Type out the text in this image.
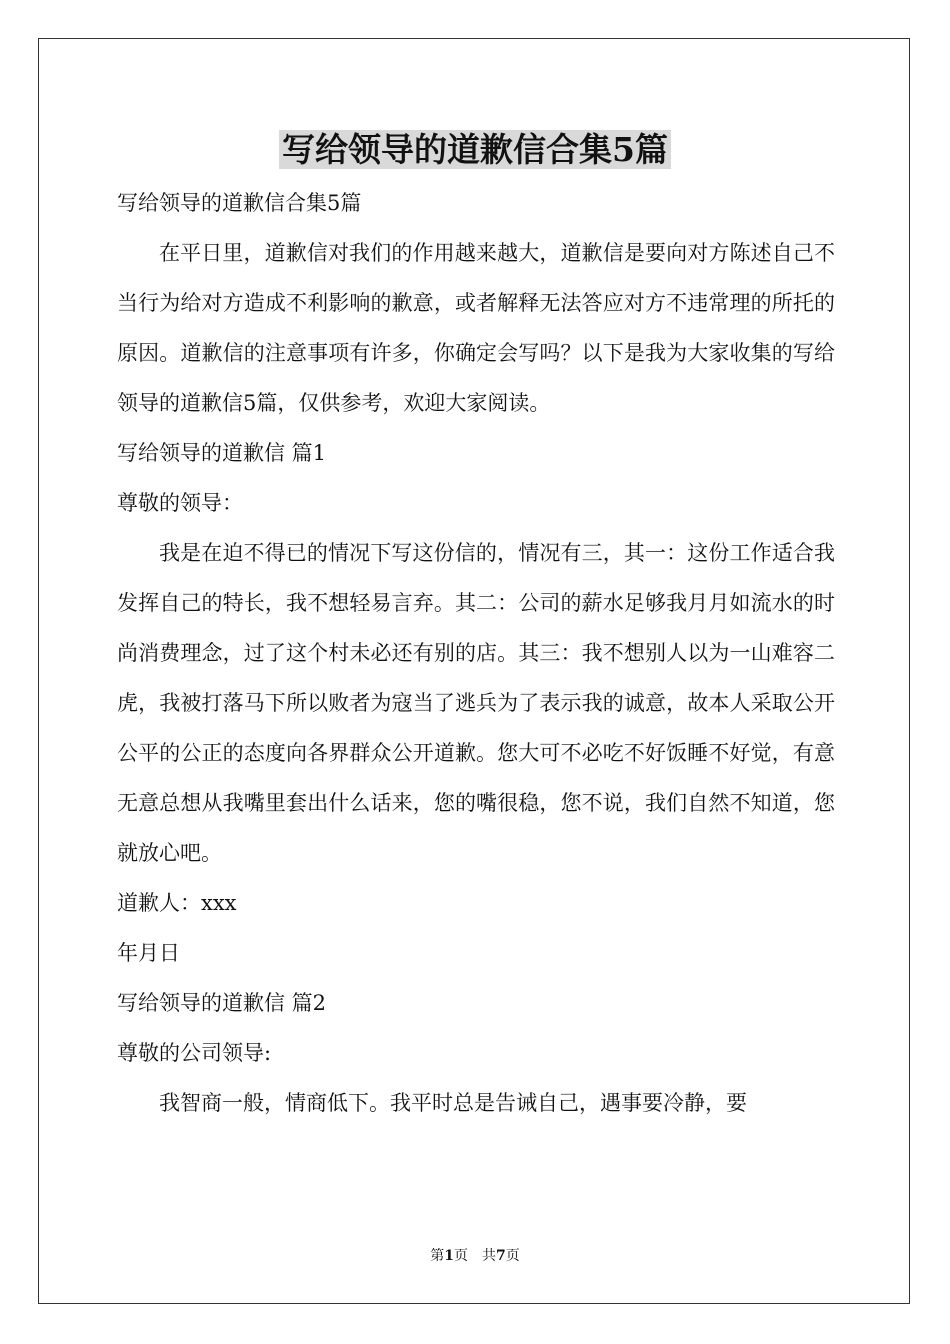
写给领导的道歉信合集5篇
写给领导的道歉信合集5篇
在平日里，道歉信对我们的作用越来越大，道歉信是要向对方陈述自己不当行为给对方造成不利影响的歉意，或者解释无法答应对方不违常理的所托的原因。道歉信的注意事项有许多，你确定会写吗？以下是我为大家收集的写给领导的道歉信5篇，仅供参考，欢迎大家阅读。
写给领导的道歉信 篇1
尊敬的领导：
我是在迫不得已的情况下写这份信的，情况有三，其一：这份工作适合我发挥自己的特长，我不想轻易言弃。其二：公司的薪水足够我月月如流水的时尚消费理念，过了这个村未必还有别的店。其三：我不想别人以为一山难容二虎，我被打落马下所以败者为寇当了逃兵为了表示我的诚意，故本人采取公开公平的公正的态度向各界群众公开道歉。您大可不必吃不好饭睡不好觉，有意无意总想从我嘴里套出什么话来，您的嘴很稳，您不说，我们自然不知道，您就放心吧。
道歉人：xxx
年月日
写给领导的道歉信 篇2
尊敬的公司领导:
我智商一般，情商低下。我平时总是告诫自己，遇事要冷静，要
第1页　共7页
